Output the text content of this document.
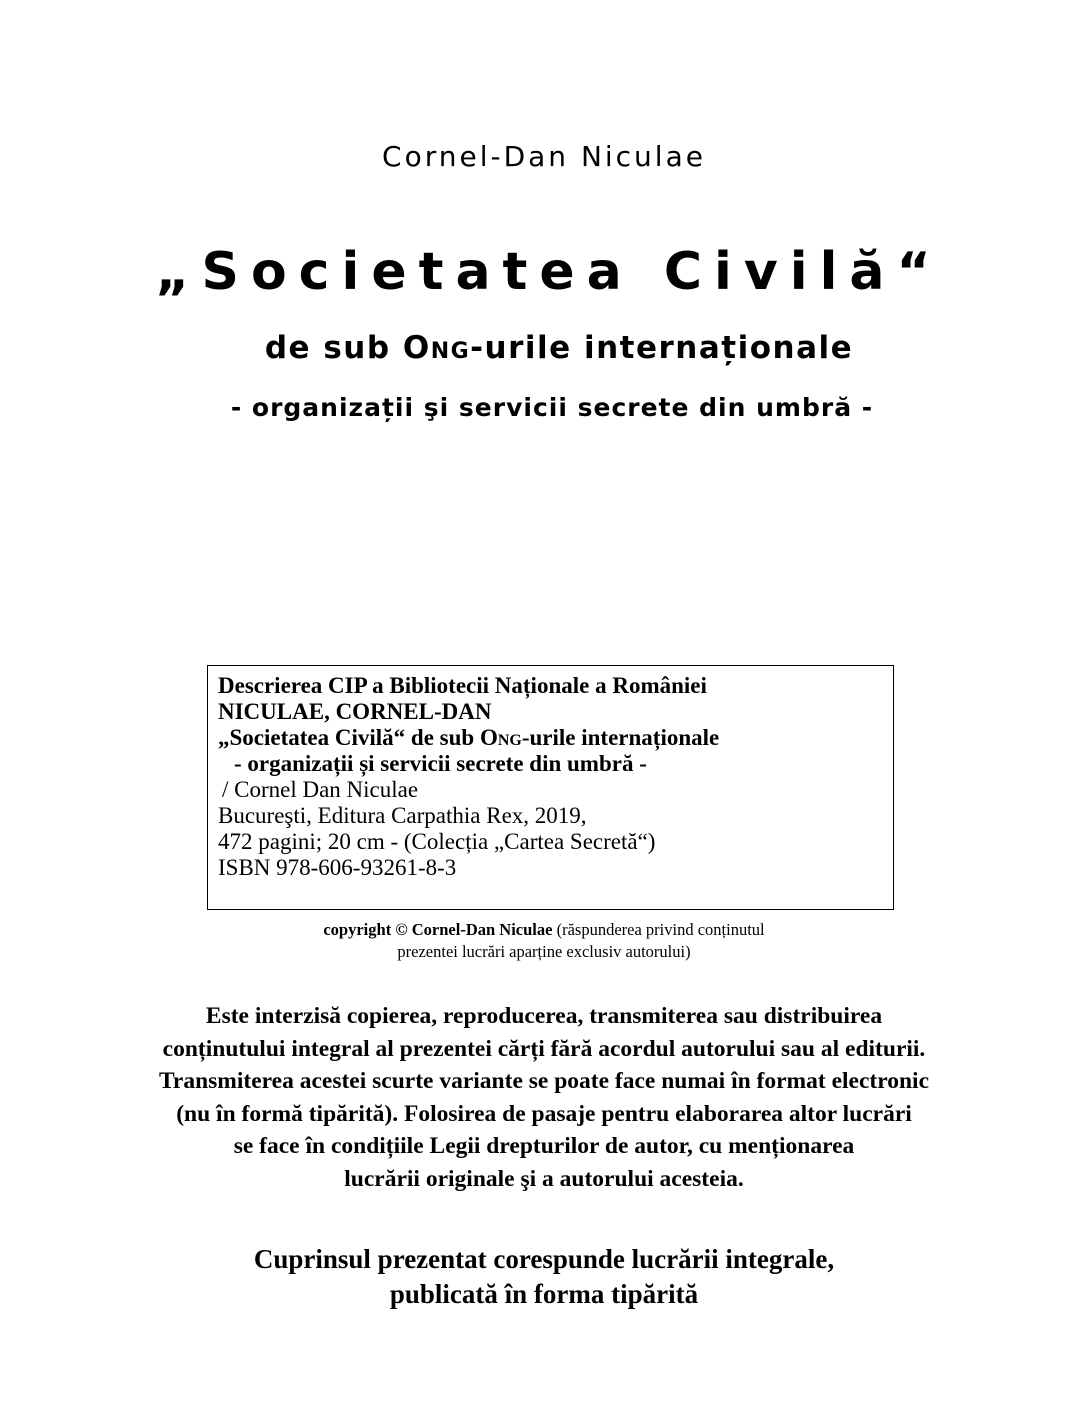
Cornel-Dan Niculae
„Societatea Civilă“
de sub Ong-urile internaționale
- organizații şi servicii secrete din umbră -
Descrierea CIP a Bibliotecii Naționale a României
NICULAE, CORNEL-DAN
„Societatea Civilă“ de sub Ong-urile internaționale
- organizații și servicii secrete din umbră -
/ Cornel Dan Niculae
Bucureşti, Editura Carpathia Rex, 2019,
472 pagini; 20 cm - (Colecția „Cartea Secretă“)
ISBN 978-606-93261-8-3
copyright © Cornel-Dan Niculae (răspunderea privind conținutul
prezentei lucrări aparține exclusiv autorului)
Este interzisă copierea, reproducerea, transmiterea sau distribuirea
conținutului integral al prezentei cărți fără acordul autorului sau al editurii.
Transmiterea acestei scurte variante se poate face numai în format electronic
(nu în formă tipărită). Folosirea de pasaje pentru elaborarea altor lucrări
se face în condițiile Legii drepturilor de autor, cu menționarea
lucrării originale şi a autorului acesteia.
Cuprinsul prezentat corespunde lucrării integrale,
publicată în forma tipărită
